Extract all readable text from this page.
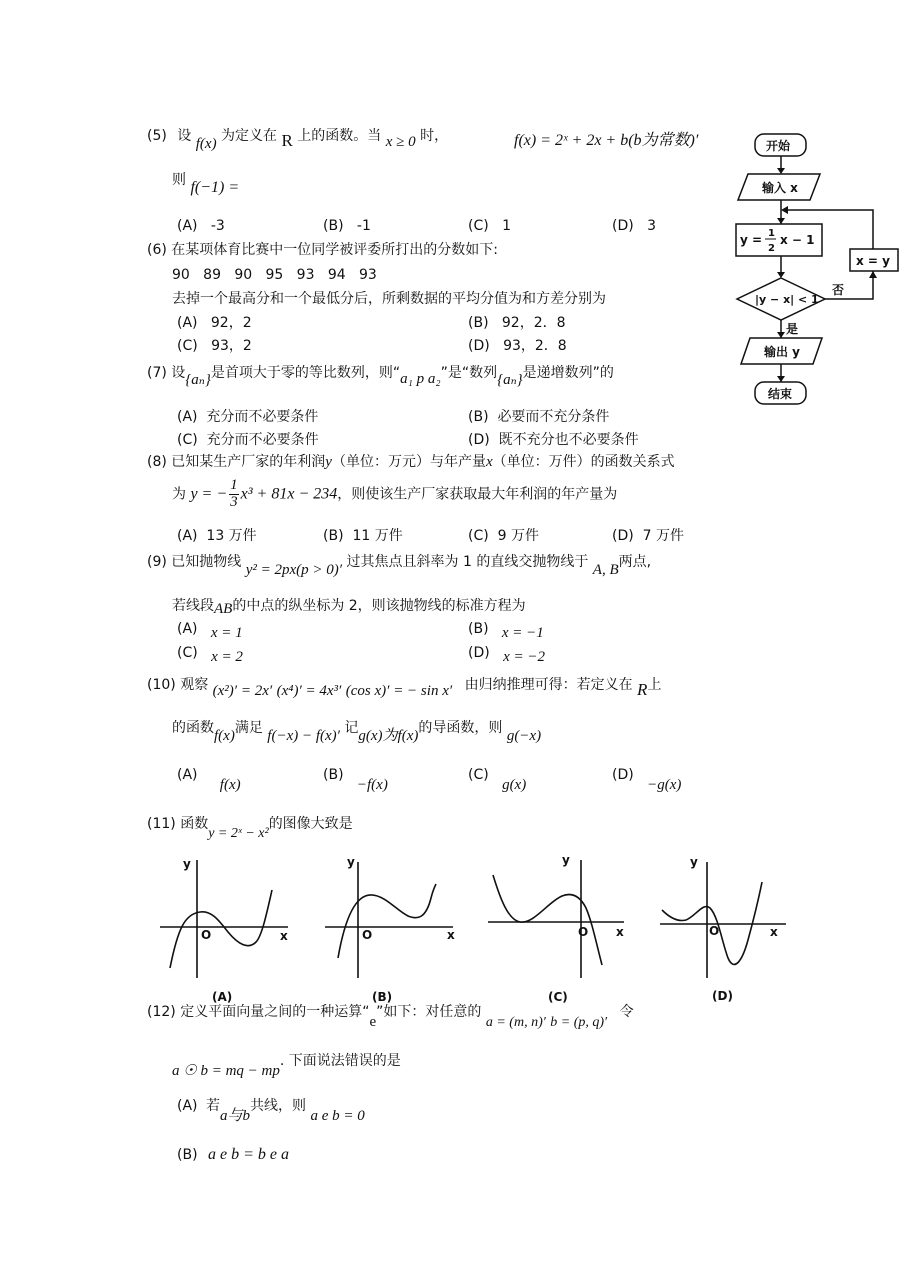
(5) 设 f(x) 为定义在 R 上的函数。当 x ≥ 0 时，	f(x) = 2ˣ + 2x + b(b为常数)′
则 f(−1) =
(A) -3	(B) -1	(C) 1	(D) 3
(6) 在某项体育比赛中一位同学被评委所打出的分数如下:
90   89   90   95   93   94   93
去掉一个最高分和一个最低分后，所剩数据的平均分值为和方差分别为
(A) 92，2	(B) 92，2．8
(C) 93，2	(D) 93，2．8
(7) 设{aₙ}是首项大于零的等比数列，则“a₁ p a₂”是“数列{aₙ}是递增数列”的
(A) 充分而不必要条件	(B) 必要而不充分条件
(C) 充分而不必要条件	(D) 既不充分也不必要条件
(8) 已知某生产厂家的年利润y（单位：万元）与年产量x（单位：万件）的函数关系式
为 y = − $\frac{1}{3} x^3 + 81x - 234$，则使该生产厂家获取最大年利润的年产量为
(A) 13 万件	(B) 11 万件	(C) 9 万件	(D) 7 万件
(9) 已知抛物线 y² = 2px(p > 0)′ 过其焦点且斜率为 1 的直线交抛物线于 A, B两点,
若线段AB的中点的纵坐标为 2，则该抛物线的标准方程为
(A) x = 1	(B) x = −1
(C) x = 2	(D) x = −2
(10) 观察 (x²)′ = 2x′ (x⁴)′ = 4x³′ (cos x)′ = − sin x′ 由归纳推理可得：若定义在 R上
的函数f(x)满足 f(−x) − f(x)′ 记g(x)为f(x)的导函数，则 g(−x)
(A)     f(x)
(B)   −f(x)
(C)   g(x)
(D)   −g(x)
(11) 函数y = 2ˣ − x²的图像大致是
y
O	x
y
O	x
y
O x
y
O	x
(A)	(B)	(C)	(D)
(12) 定义平面向量之间的一种运算“e”如下：对任意的 a = (m, n)′ b = (p, q)′ 令
a ☉ b = mq − mp. 下面说法错误的是
(A) 若a与b共线，则 a e b = 0
(B) a e b = b e a
开始
输入 x
y = 1
2
x − 1
|y − x| < 1
x = y
否
是
输出 y
结束
